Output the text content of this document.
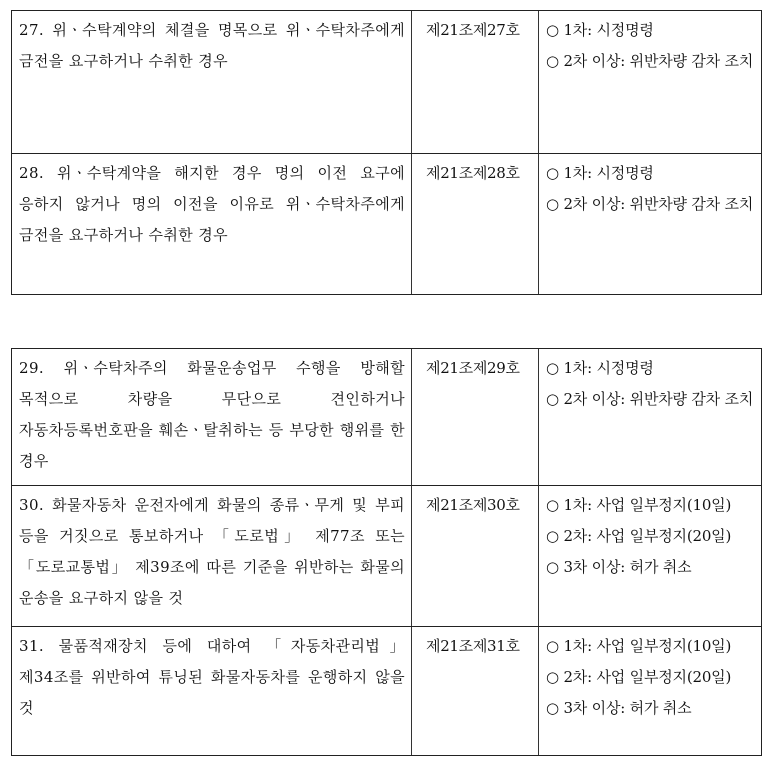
27. 위ㆍ수탁계약의 체결을 명목으로 위ㆍ수탁차주에게 금전을 요구하거나 수취한 경우
제21조제27호	○ 1차: 시정명령
○ 2차 이상: 위반차량 감차 조치
28. 위ㆍ수탁계약을 해지한 경우 명의 이전 요구에 응하지 않거나 명의 이전을 이유로 위ㆍ수탁차주에게 금전을 요구하거나 수취한 경우
제21조제28호	○ 1차: 시정명령
○ 2차 이상: 위반차량 감차 조치
29. 위ㆍ수탁차주의 화물운송업무 수행을 방해할 목적으로 차량을 무단으로 견인하거나 자동차등록번호판을 훼손ㆍ탈취하는 등 부당한 행위를 한 경우
제21조제29호	○ 1차: 시정명령
○ 2차 이상: 위반차량 감차 조치
30. 화물자동차 운전자에게 화물의 종류ㆍ무게 및 부피 등을 거짓으로 통보하거나 「도로법」 제77조 또는 「도로교통법」 제39조에 따른 기준을 위반하는 화물의 운송을 요구하지 않을 것
제21조제30호	○ 1차: 사업 일부정지(10일)
○ 2차: 사업 일부정지(20일)
○ 3차 이상: 허가 취소
31. 물품적재장치 등에 대하여 「자동차관리법」 제34조를 위반하여 튜닝된 화물자동차를 운행하지 않을 것
제21조제31호	○ 1차: 사업 일부정지(10일)
○ 2차: 사업 일부정지(20일)
○ 3차 이상: 허가 취소
